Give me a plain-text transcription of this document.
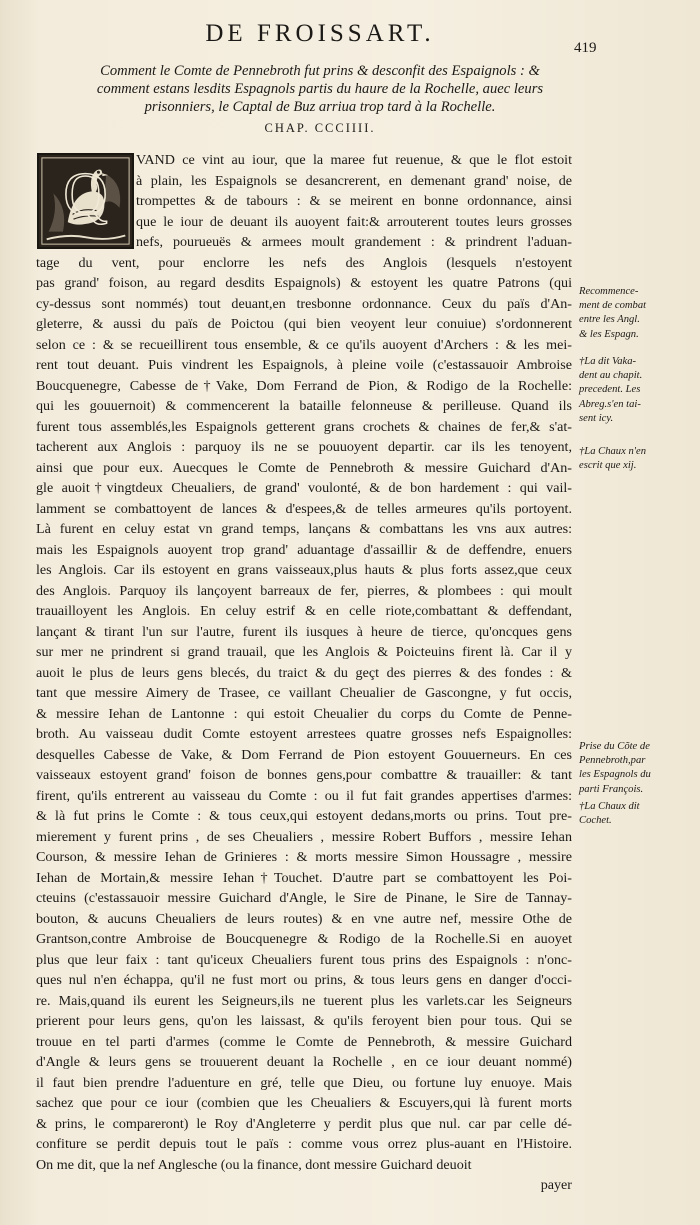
DE FROISSART.
419
Comment le Comte de Pennebroth fut prins & desconfit des Espaignols : &
comment estans lesdits Espagnols partis du haure de la Rochelle, auec leurs
prisonniers, le Captal de Buz arriua trop tard à la Rochelle.
CHAP. CCCIIII.
Q
VAND ce vint au iour, que la maree fut reuenue, & que le flot estoit
à plain, les Espaignols se desancrerent, en demenant grand' noise, de
trompettes & de tabours : & se meirent en bonne ordonnance, ainsi
que le iour de deuant ils auoyent fait:& arrouterent toutes leurs grosses
nefs, pourueuës & armees moult grandement : & prindrent l'aduan-
tage du vent, pour enclorre les nefs des Anglois (lesquels n'estoyent
pas grand' foison, au regard desdits Espaignols) & estoyent les quatre Patrons (qui
cy-dessus sont nommés) tout deuant,en tresbonne ordonnance. Ceux du païs d'An-
gleterre, & aussi du païs de Poictou (qui bien veoyent leur conuiue) s'ordonnerent
selon ce : & se recueillirent tous ensemble, & ce qu'ils auoyent d'Archers : & les mei-
rent tout deuant. Puis vindrent les Espaignols, à pleine voile (c'estassauoir Ambroise
Boucquenegre, Cabesse de†Vake, Dom Ferrand de Pion, & Rodigo de la Rochelle:
qui les gouuernoit) & commencerent la bataille felonneuse & perilleuse. Quand ils
furent tous assemblés,les Espaignols getterent grans crochets & chaines de fer,& s'at-
tacherent aux Anglois : parquoy ils ne se pouuoyent departir. car ils les tenoyent,
ainsi que pour eux. Auecques le Comte de Pennebroth & messire Guichard d'An-
gle auoit†vingtdeux Cheualiers, de grand' voulonté, & de bon hardement : qui vail-
lamment se combattoyent de lances & d'espees,& de telles armeures qu'ils portoyent.
Là furent en celuy estat vn grand temps, lançans & combattans les vns aux autres:
mais les Espaignols auoyent trop grand' aduantage d'assaillir & de deffendre, enuers
les Anglois. Car ils estoyent en grans vaisseaux,plus hauts & plus forts assez,que ceux
des Anglois. Parquoy ils lançoyent barreaux de fer, pierres, & plombees : qui moult
trauailloyent les Anglois. En celuy estrif & en celle riote,combattant & deffendant,
lançant & tirant l'un sur l'autre, furent ils iusques à heure de tierce, qu'oncques gens
sur mer ne prindrent si grand trauail, que les Anglois & Poicteuins firent là. Car il y
auoit le plus de leurs gens blecés, du traict & du geçt des pierres & des fondes : &
tant que messire Aimery de Trasee, ce vaillant Cheualier de Gascongne, y fut occis,
& messire Iehan de Lantonne : qui estoit Cheualier du corps du Comte de Penne-
broth. Au vaisseau dudit Comte estoyent arrestees quatre grosses nefs Espaignolles:
desquelles Cabesse de Vake, & Dom Ferrand de Pion estoyent Gouuerneurs. En ces
vaisseaux estoyent grand' foison de bonnes gens,pour combattre & trauailler: & tant
firent, qu'ils entrerent au vaisseau du Comte : ou il fut fait grandes appertises d'armes:
& là fut prins le Comte : & tous ceux,qui estoyent dedans,morts ou prins. Tout pre-
mierement y furent prins , de ses Cheualiers , messire Robert Buffors , messire Iehan
Courson, & messire Iehan de Grinieres : & morts messire Simon Houssagre , messire
Iehan de Mortain,& messire Iehan†Touchet. D'autre part se combattoyent les Poi-
cteuins (c'estassauoir messire Guichard d'Angle, le Sire de Pinane, le Sire de Tannay-
bouton, & aucuns Cheualiers de leurs routes) & en vne autre nef, messire Othe de
Grantson,contre Ambroise de Boucquenegre & Rodigo de la Rochelle.Si en auoyet
plus que leur faix : tant qu'iceux Cheualiers furent tous prins des Espaignols : n'onc-
ques nul n'en échappa, qu'il ne fust mort ou prins, & tous leurs gens en danger d'occi-
re. Mais,quand ils eurent les Seigneurs,ils ne tuerent plus les varlets.car les Seigneurs
prierent pour leurs gens, qu'on les laissast, & qu'ils feroyent bien pour tous. Qui se
trouue en tel parti d'armes (comme le Comte de Pennebroth, & messire Guichard
d'Angle & leurs gens se trouuerent deuant la Rochelle , en ce iour deuant nommé)
il faut bien prendre l'aduenture en gré, telle que Dieu, ou fortune luy enuoye. Mais
sachez que pour ce iour (combien que les Cheualiers & Escuyers,qui là furent morts
& prins, le compareront) le Roy d'Angleterre y perdit plus que nul. car par celle dé-
confiture se perdit depuis tout le païs : comme vous orrez plus-auant en l'Histoire.
On me dit, que la nef Anglesche (ou la finance, dont messire Guichard deuoit
payer
Recommence-
ment de combat
entre les Angl.
& les Espagn.
†La dit Vaka-
dent au chapit.
precedent. Les
Abreg.s'en tai-
sent icy.
†La Chaux n'en
escrit que xij.
Prise du Cõte de
Pennebroth,par
les Espagnols du
parti François.
†La Chaux dit
Cochet.
